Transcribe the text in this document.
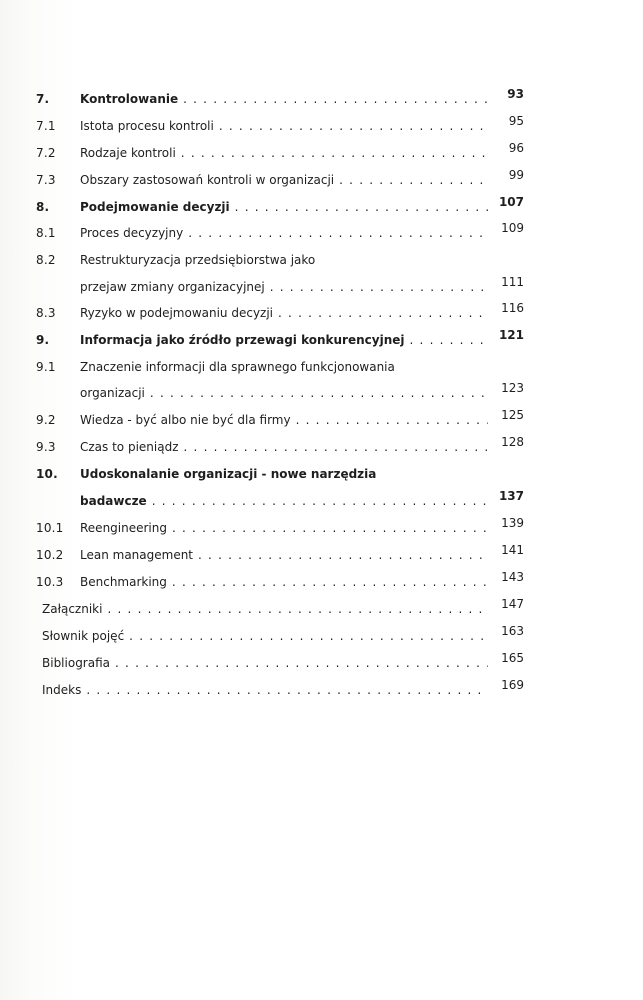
7.	Kontrolowanie . . .	93
7.1 Istota procesu kontroli . . .	95
7.2 Rodzaje kontroli . . .	96
7.3 Obszary zastosowań kontroli w organizacji . . .	99
8.	Podejmowanie decyzji . . .	107
8.1 Proces decyzyjny . . .	109
8.2 Restrukturyzacja przedsiębiorstwa jako
przejaw zmiany organizacyjnej . . .	111
8.3 Ryzyko w podejmowaniu decyzji . . .	116
9.	Informacja jako źródło przewagi konkurencyjnej . . .	121
9.1 Znaczenie informacji dla sprawnego funkcjonowania
organizacji . . .	123
9.2 Wiedza - być albo nie być dla firmy . . .	125
9.3 Czas to pieniądz . . .	128
10. Udoskonalanie organizacji - nowe narzędzia
badawcze . . .	137
10.1 Reengineering . . .	139
10.2 Lean management . . .	141
10.3 Benchmarking . . .	143
Załączniki . . .	147
Słownik pojęć . . .	163
Bibliografia . . .	165
Indeks . . .	169
